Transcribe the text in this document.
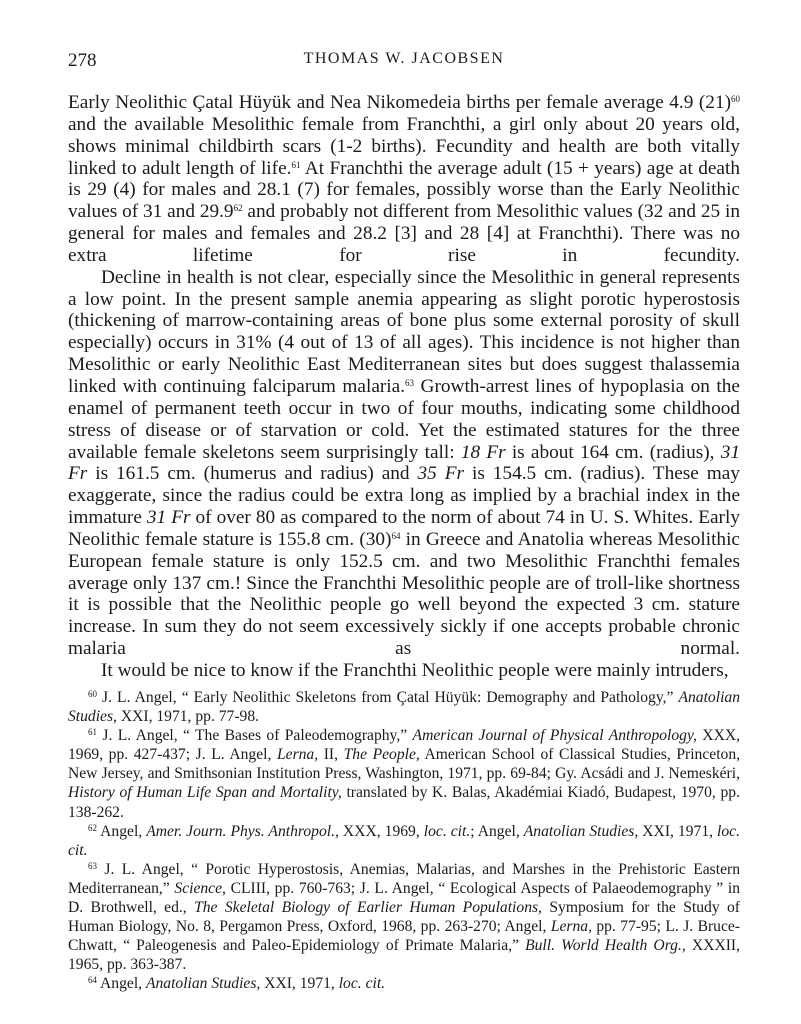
278	THOMAS W. JACOBSEN

Early Neolithic Çatal Hüyük and Nea Nikomedeia births per female average 4.9 $(21)^{60}$ and the available Mesolithic female from Franchthi, a girl only about 20 years old, shows minimal childbirth scars (1-2 births). Fecundity and health are both vitally linked to adult length of life.$^{61}$ At Franchthi the average adult (15 + years) age at death is 29 (4) for males and 28.1 (7) for females, possibly worse than the Early Neolithic values of 31 and 29.9$^{62}$ and probably not different from Mesolithic values (32 and 25 in general for males and females and 28.2 [3] and 28 [4] at Franchthi). There was no extra lifetime for rise in fecundity.

Decline in health is not clear, especially since the Mesolithic in general represents a low point. In the present sample anemia appearing as slight porotic hyperostosis (thickening of marrow-containing areas of bone plus some external porosity of skull especially) occurs in 31% (4 out of 13 of all ages). This incidence is not higher than Mesolithic or early Neolithic East Mediterranean sites but does suggest thalassemia linked with continuing falciparum malaria.$^{63}$ Growth-arrest lines of hypoplasia on the enamel of permanent teeth occur in two of four mouths, indicating some childhood stress of disease or of starvation or cold. Yet the estimated statures for the three available female skeletons seem surprisingly tall: 18 Fr is about 164 cm. (radius), 31 Fr is 161.5 cm. (humerus and radius) and 35 Fr is 154.5 cm. (radius). These may exaggerate, since the radius could be extra long as implied by a brachial index in the immature 31 Fr of over 80 as compared to the norm of about 74 in U. S. Whites. Early Neolithic female stature is 155.8 cm. $(30)^{64}$ in Greece and Anatolia whereas Mesolithic European female stature is only 152.5 cm. and two Mesolithic Franchthi females average only 137 cm.! Since the Franchthi Mesolithic people are of troll-like shortness it is possible that the Neolithic people go well beyond the expected 3 cm. stature increase. In sum they do not seem excessively sickly if one accepts probable chronic malaria as normal.

It would be nice to know if the Franchthi Neolithic people were mainly intruders,

$^{60}$ J. L. Angel, “ Early Neolithic Skeletons from Çatal Hüyük: Demography and Pathology,” Anatolian Studies, XXI, 1971, pp. 77-98.

$^{61}$ J. L. Angel, “ The Bases of Paleodemography,” American Journal of Physical Anthropology, XXX, 1969, pp. 427-437; J. L. Angel, Lerna, II, The People, American School of Classical Studies, Princeton, New Jersey, and Smithsonian Institution Press, Washington, 1971, pp. 69-84; Gy. Acsádi and J. Nemeskéri, History of Human Life Span and Mortality, translated by K. Balas, Akadémiai Kiadó, Budapest, 1970, pp. 138-262.

$^{62}$ Angel, Amer. Journ. Phys. Anthropol., XXX, 1969, loc. cit.; Angel, Anatolian Studies, XXI, 1971, loc. cit.

$^{63}$ J. L. Angel, “ Porotic Hyperostosis, Anemias, Malarias, and Marshes in the Prehistoric Eastern Mediterranean,” Science, CLIII, pp. 760-763; J. L. Angel, “ Ecological Aspects of Palaeodemography ” in D. Brothwell, ed., The Skeletal Biology of Earlier Human Populations, Symposium for the Study of Human Biology, No. 8, Pergamon Press, Oxford, 1968, pp. 263-270; Angel, Lerna, pp. 77-95; L. J. Bruce-Chwatt, “ Paleogenesis and Paleo-Epidemiology of Primate Malaria,” Bull. World Health Org., XXXII, 1965, pp. 363-387.

$^{64}$ Angel, Anatolian Studies, XXI, 1971, loc. cit.
